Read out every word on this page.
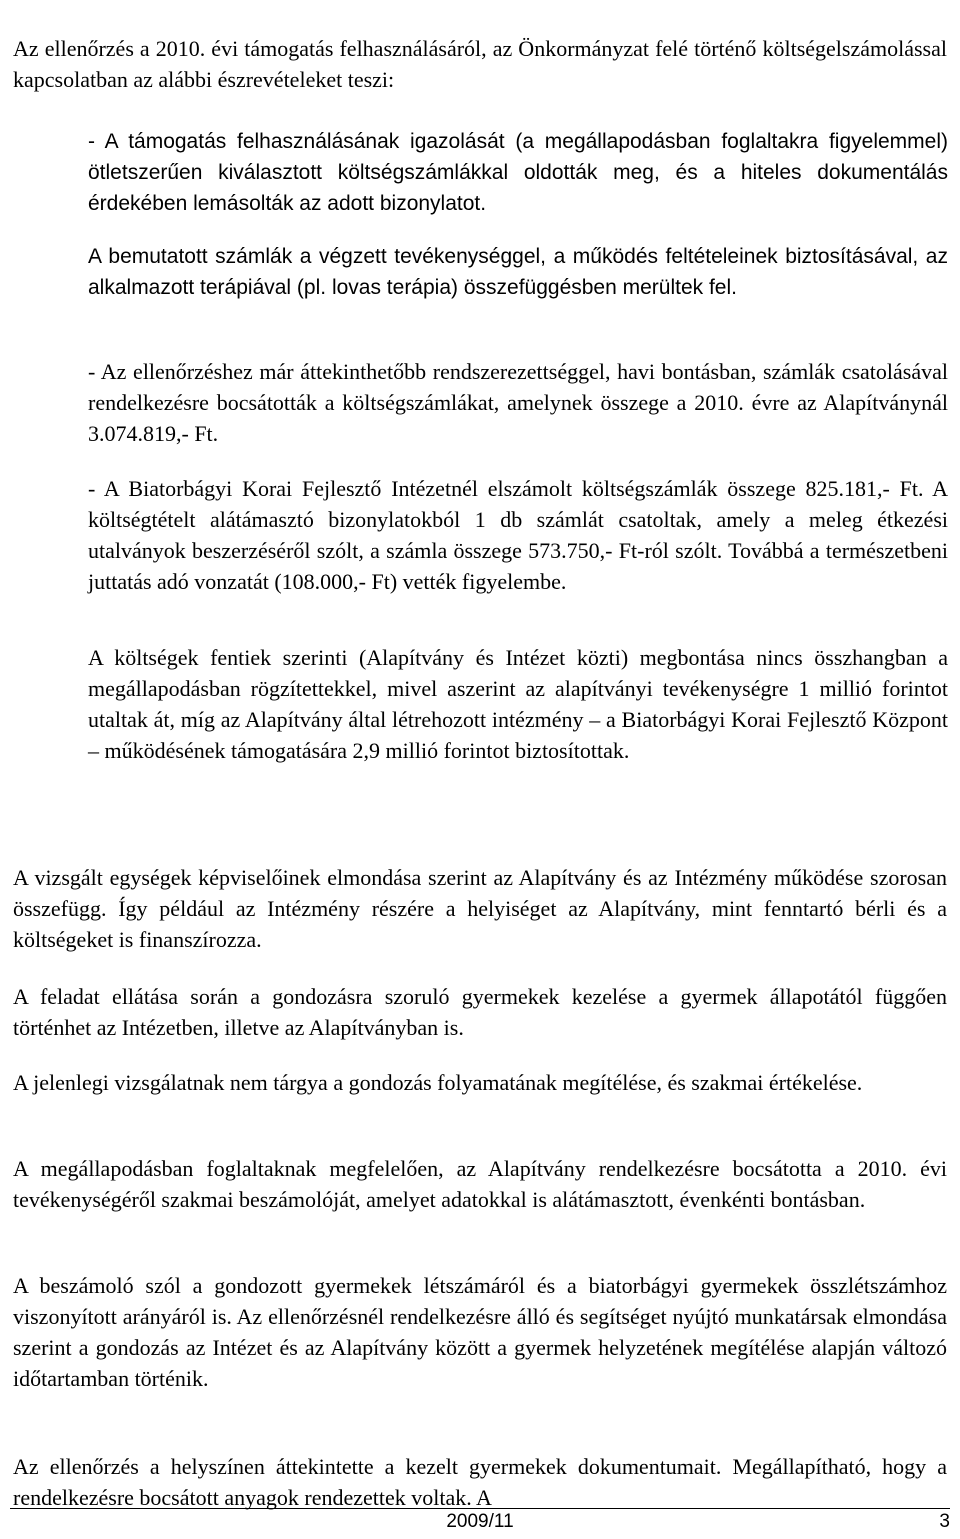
Az ellenőrzés a 2010. évi támogatás felhasználásáról, az Önkormányzat felé történő költségelszámolással kapcsolatban az alábbi észrevételeket teszi:

- A támogatás felhasználásának igazolását (a megállapodásban foglaltakra figyelemmel) ötletszerűen kiválasztott költségszámlákkal oldották meg, és a hiteles dokumentálás érdekében lemásolták az adott bizonylatot.

A bemutatott számlák a végzett tevékenységgel, a működés feltételeinek biztosításával, az alkalmazott terápiával (pl. lovas terápia) összefüggésben merültek fel.

- Az ellenőrzéshez már áttekinthetőbb rendszerezettséggel, havi bontásban, számlák csatolásával rendelkezésre bocsátották a költségszámlákat, amelynek összege a 2010. évre az Alapítványnál 3.074.819,- Ft.

- A Biatorbágyi Korai Fejlesztő Intézetnél elszámolt költségszámlák összege 825.181,- Ft. A költségtételt alátámasztó bizonylatokból 1 db számlát csatoltak, amely a meleg étkezési utalványok beszerzéséről szólt, a számla összege 573.750,- Ft-ról szólt. Továbbá a természetbeni juttatás adó vonzatát (108.000,- Ft) vették figyelembe.

A költségek fentiek szerinti (Alapítvány és Intézet közti) megbontása nincs összhangban a megállapodásban rögzítettekkel, mivel aszerint az alapítványi tevékenységre 1 millió forintot utaltak át, míg az Alapítvány által létrehozott intézmény – a Biatorbágyi Korai Fejlesztő Központ – működésének támogatására 2,9 millió forintot biztosítottak.

A vizsgált egységek képviselőinek elmondása szerint az Alapítvány és az Intézmény működése szorosan összefügg. Így például az Intézmény részére a helyiséget az Alapítvány, mint fenntartó bérli és a költségeket is finanszírozza.

A feladat ellátása során a gondozásra szoruló gyermekek kezelése a gyermek állapotától függően történhet az Intézetben, illetve az Alapítványban is.

A jelenlegi vizsgálatnak nem tárgya a gondozás folyamatának megítélése, és szakmai értékelése.

A megállapodásban foglaltaknak megfelelően, az Alapítvány rendelkezésre bocsátotta a 2010. évi tevékenységéről szakmai beszámolóját, amelyet adatokkal is alátámasztott, évenkénti bontásban.

A beszámoló szól a gondozott gyermekek létszámáról és a biatorbágyi gyermekek összlétszámhoz viszonyított arányáról is. Az ellenőrzésnél rendelkezésre álló és segítséget nyújtó munkatársak elmondása szerint a gondozás az Intézet és az Alapítvány között a gyermek helyzetének megítélése alapján változó időtartamban történik.

Az ellenőrzés a helyszínen áttekintette a kezelt gyermekek dokumentumait. Megállapítható, hogy a rendelkezésre bocsátott anyagok rendezettek voltak. A

2009/11	3
